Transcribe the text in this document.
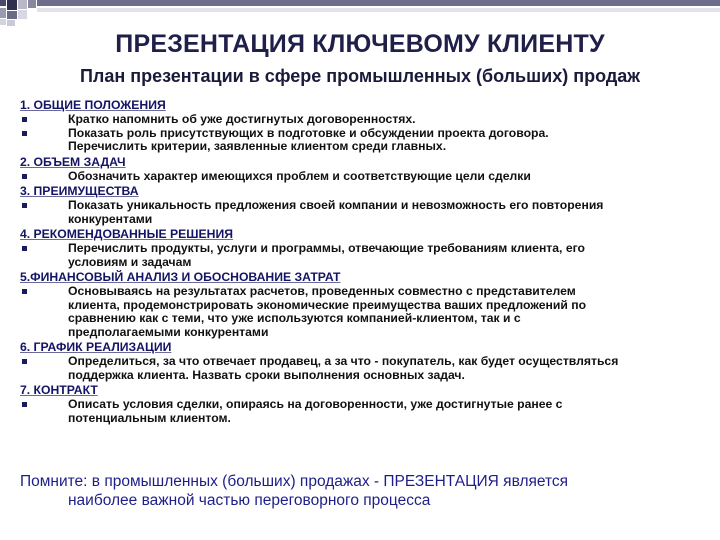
ПРЕЗЕНТАЦИЯ КЛЮЧЕВОМУ КЛИЕНТУ
План презентации в сфере промышленных (больших) продаж
1. ОБЩИЕ ПОЛОЖЕНИЯ
Кратко напомнить об уже достигнутых договоренностях.
Показать роль присутствующих в подготовке и обсуждении проекта договора.
Перечислить критерии, заявленные клиентом среди главных.
2. ОБЪЕМ ЗАДАЧ
Обозначить характер имеющихся проблем и соответствующие цели сделки
3. ПРЕИМУЩЕСТВА
Показать уникальность предложения своей компании и невозможность его повторения
конкурентами
4. РЕКОМЕНДОВАННЫЕ РЕШЕНИЯ
Перечислить продукты, услуги и программы, отвечающие требованиям клиента, его
условиям и задачам
5.ФИНАНСОВЫЙ АНАЛИЗ И ОБОСНОВАНИЕ ЗАТРАТ
Основываясь на результатах расчетов, проведенных совместно с представителем
клиента, продемонстрировать экономические преимущества ваших предложений по
сравнению как с теми, что уже используются компанией-клиентом, так и с
предполагаемыми конкурентами
6. ГРАФИК РЕАЛИЗАЦИИ
Определиться, за что отвечает продавец, а за что - покупатель, как будет осуществляться
поддержка клиента. Назвать сроки выполнения основных задач.
7. КОНТРАКТ
Описать условия сделки, опираясь на договоренности, уже достигнутые ранее с
потенциальным клиентом.
Помните: в промышленных (больших) продажах - ПРЕЗЕНТАЦИЯ является
наиболее важной частью переговорного процесса
